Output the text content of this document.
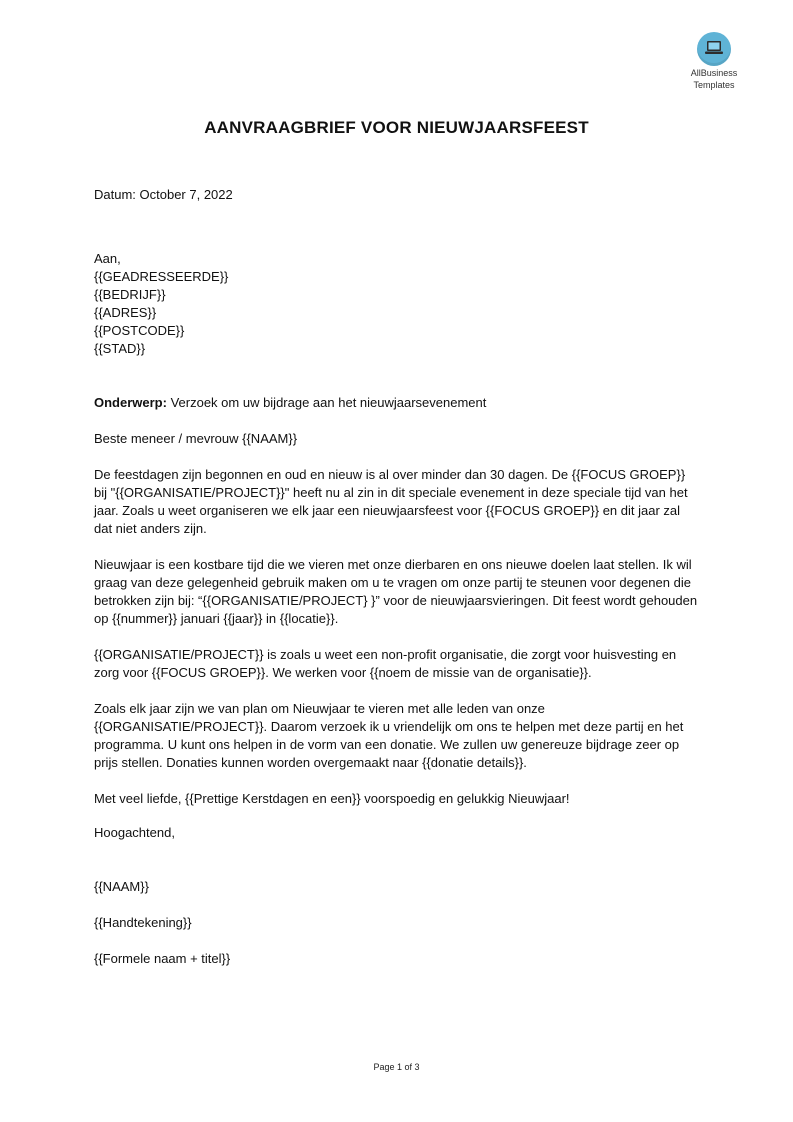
AllBusiness
Templates
AANVRAAGBRIEF VOOR NIEUWJAARSFEEST

Datum: October 7, 2022

Aan,

{{GEADRESSEERDE}}

{{BEDRIJF}}

{{ADRES}}

{{POSTCODE}}

{{STAD}}

Onderwerp: Verzoek om uw bijdrage aan het nieuwjaarsevenement

Beste meneer / mevrouw {{NAAM}}

De feestdagen zijn begonnen en oud en nieuw is al over minder dan 30 dagen. De {{FOCUS GROEP}} bij "{{ORGANISATIE/PROJECT}}" heeft nu al zin in dit speciale evenement in deze speciale tijd van het jaar. Zoals u weet organiseren we elk jaar een nieuwjaarsfeest voor {{FOCUS GROEP}} en dit jaar zal dat niet anders zijn.

Nieuwjaar is een kostbare tijd die we vieren met onze dierbaren en ons nieuwe doelen laat stellen. Ik wil graag van deze gelegenheid gebruik maken om u te vragen om onze partij te steunen voor degenen die betrokken zijn bij: “{{ORGANISATIE/PROJECT} }” voor de nieuwjaarsvieringen. Dit feest wordt gehouden op {{nummer}} januari {{jaar}} in {{locatie}}.

{{ORGANISATIE/PROJECT}} is zoals u weet een non-profit organisatie, die zorgt voor huisvesting en zorg voor {{FOCUS GROEP}}. We werken voor {{noem de missie van de organisatie}}.

Zoals elk jaar zijn we van plan om Nieuwjaar te vieren met alle leden van onze {{ORGANISATIE/PROJECT}}. Daarom verzoek ik u vriendelijk om ons te helpen met deze partij en het programma. U kunt ons helpen in de vorm van een donatie. We zullen uw genereuze bijdrage zeer op prijs stellen. Donaties kunnen worden overgemaakt naar {{donatie details}}.

Met veel liefde, {{Prettige Kerstdagen en een}} voorspoedig en gelukkig Nieuwjaar!

Hoogachtend,

{{NAAM}}

{{Handtekening}}

{{Formele naam + titel}}

Page 1 of 3
